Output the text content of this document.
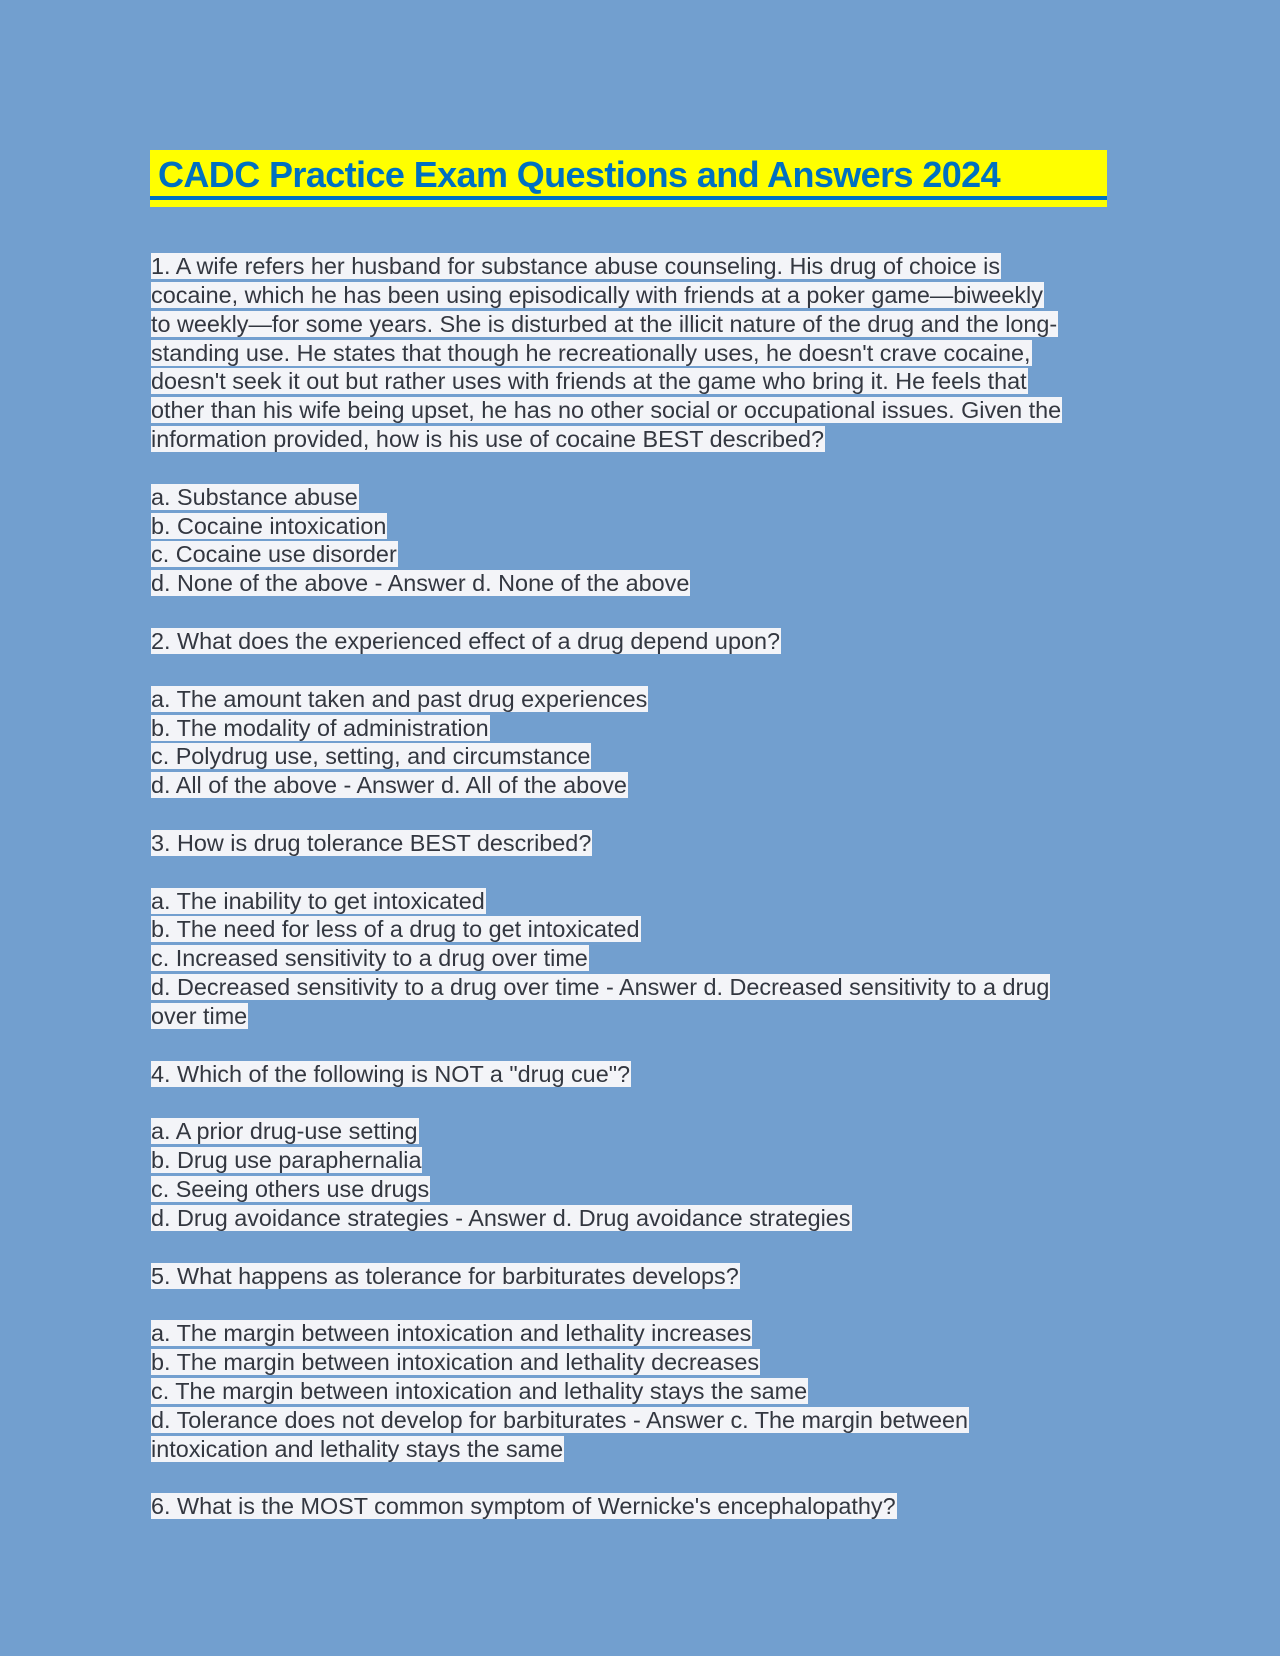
CADC Practice Exam Questions and Answers 2024
1. A wife refers her husband for substance abuse counseling. His drug of choice is
cocaine, which he has been using episodically with friends at a poker game—biweekly
to weekly—for some years. She is disturbed at the illicit nature of the drug and the long-
standing use. He states that though he recreationally uses, he doesn't crave cocaine,
doesn't seek it out but rather uses with friends at the game who bring it. He feels that
other than his wife being upset, he has no other social or occupational issues. Given the
information provided, how is his use of cocaine BEST described?
a. Substance abuse
b. Cocaine intoxication
c. Cocaine use disorder
d. None of the above - Answer d. None of the above
2. What does the experienced effect of a drug depend upon?
a. The amount taken and past drug experiences
b. The modality of administration
c. Polydrug use, setting, and circumstance
d. All of the above - Answer d. All of the above
3. How is drug tolerance BEST described?
a. The inability to get intoxicated
b. The need for less of a drug to get intoxicated
c. Increased sensitivity to a drug over time
d. Decreased sensitivity to a drug over time - Answer d. Decreased sensitivity to a drug
over time
4. Which of the following is NOT a "drug cue"?
a. A prior drug-use setting
b. Drug use paraphernalia
c. Seeing others use drugs
d. Drug avoidance strategies - Answer d. Drug avoidance strategies
5. What happens as tolerance for barbiturates develops?
a. The margin between intoxication and lethality increases
b. The margin between intoxication and lethality decreases
c. The margin between intoxication and lethality stays the same
d. Tolerance does not develop for barbiturates - Answer c. The margin between
intoxication and lethality stays the same
6. What is the MOST common symptom of Wernicke's encephalopathy?
